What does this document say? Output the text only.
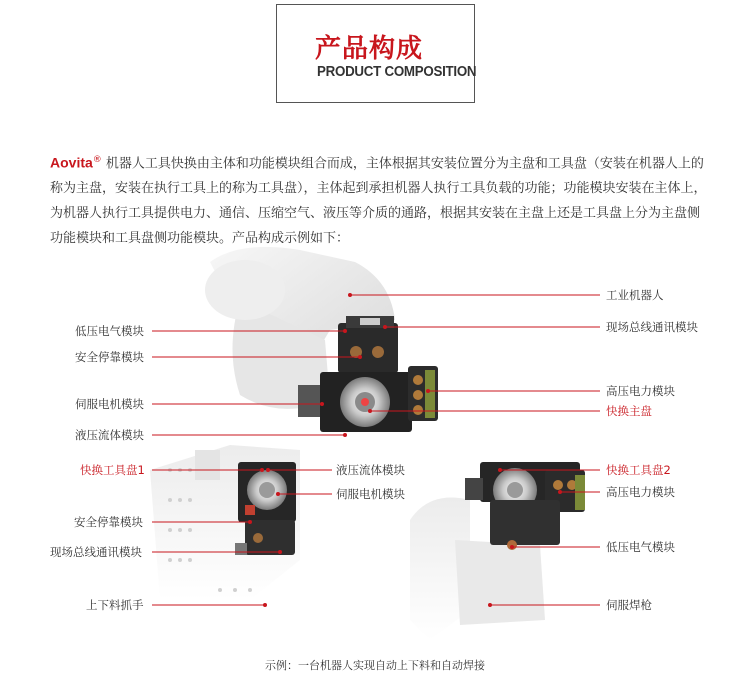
产品构成
PRODUCT COMPOSITION
Aovita® 机器人工具快换由主体和功能模块组合而成，主体根据其安装位置分为主盘和工具盘（安装在机器人上的称为主盘，安装在执行工具上的称为工具盘），主体起到承担机器人执行工具负载的功能；功能模块安装在主体上，为机器人执行工具提供电力、通信、压缩空气、液压等介质的通路，根据其安装在主盘上还是工具盘上分为主盘侧功能模块和工具盘侧功能模块。产品构成示例如下：
低压电气模块
安全停靠模块
伺服电机模块
液压流体模块
工业机器人
现场总线通讯模块
高压电力模块
快换主盘
快换工具盘1
安全停靠模块
现场总线通讯模块
上下料抓手
液压流体模块
伺服电机模块
快换工具盘2
高压电力模块
低压电气模块
伺服焊枪
示例：一台机器人实现自动上下料和自动焊接
